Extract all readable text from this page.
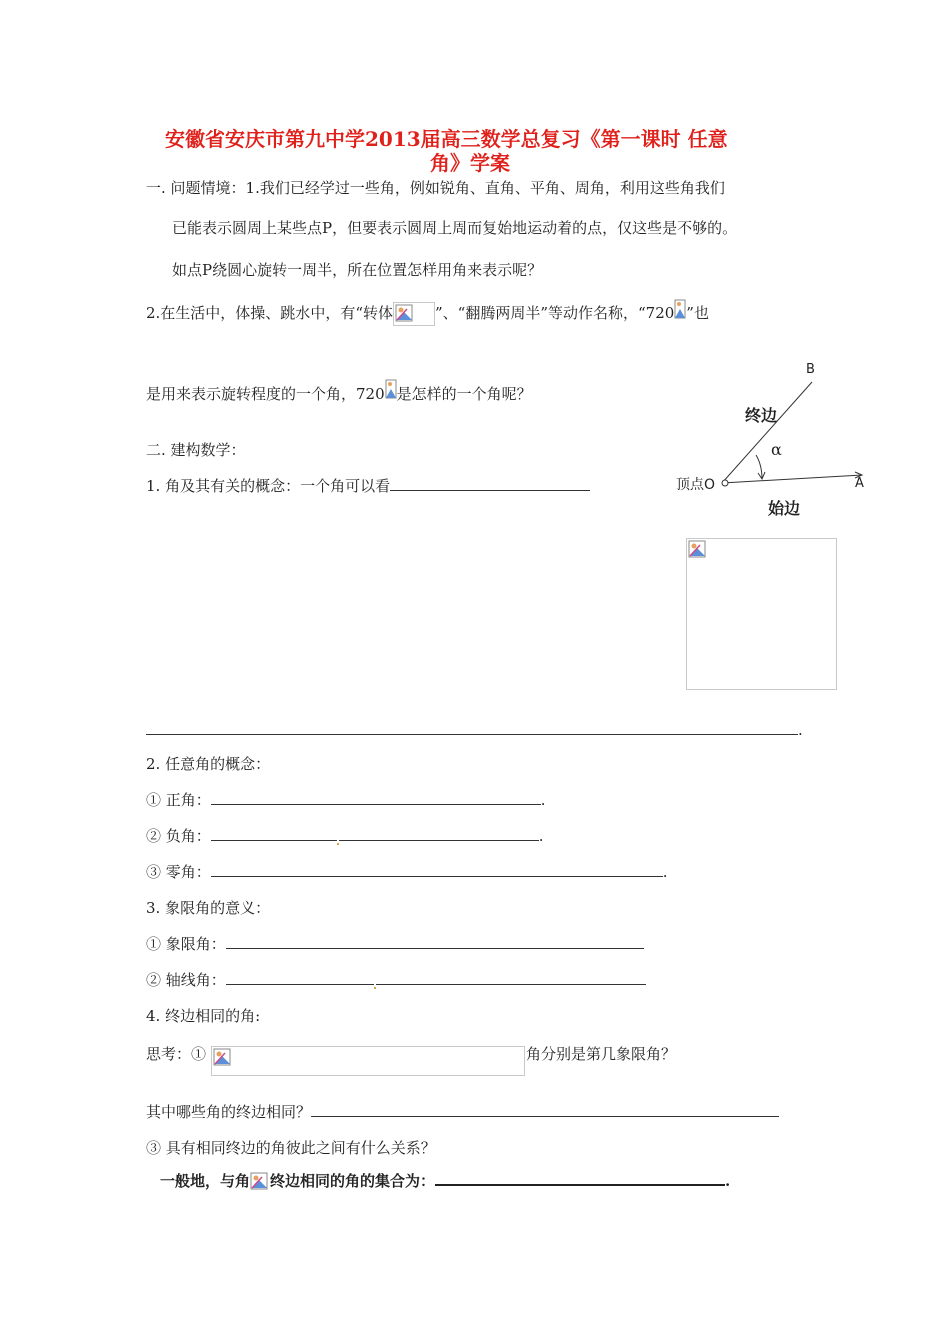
安徽省安庆市第九中学2013届高三数学总复习《第一课时 任意
角》学案
一. 问题情境：1.我们已经学过一些角，例如锐角、直角、平角、周角，利用这些角我们
已能表示圆周上某些点P，但要表示圆周上周而复始地运动着的点，仅这些是不够的。
如点P绕圆心旋转一周半，所在位置怎样用角来表示呢？
2.在生活中，体操、跳水中，有“转体	”、“翻腾两周半”等动作名称，“720 ”也
是用来表示旋转程度的一个角，720 是怎样的一个角呢？
B
终边
α
顶点O	A
始边
二. 建构数学：
1. 角及其有关的概念：一个角可以看
.
2. 任意角的概念：
① 正角：	.
② 负角：	.
③ 零角：	.
3. 象限角的意义：
① 象限角：
② 轴线角：
4. 终边相同的角:
思考：①	角分别是第几象限角？
其中哪些角的终边相同？
③ 具有相同终边的角彼此之间有什么关系？
一般地，与角 终边相同的角的集合为：	.
